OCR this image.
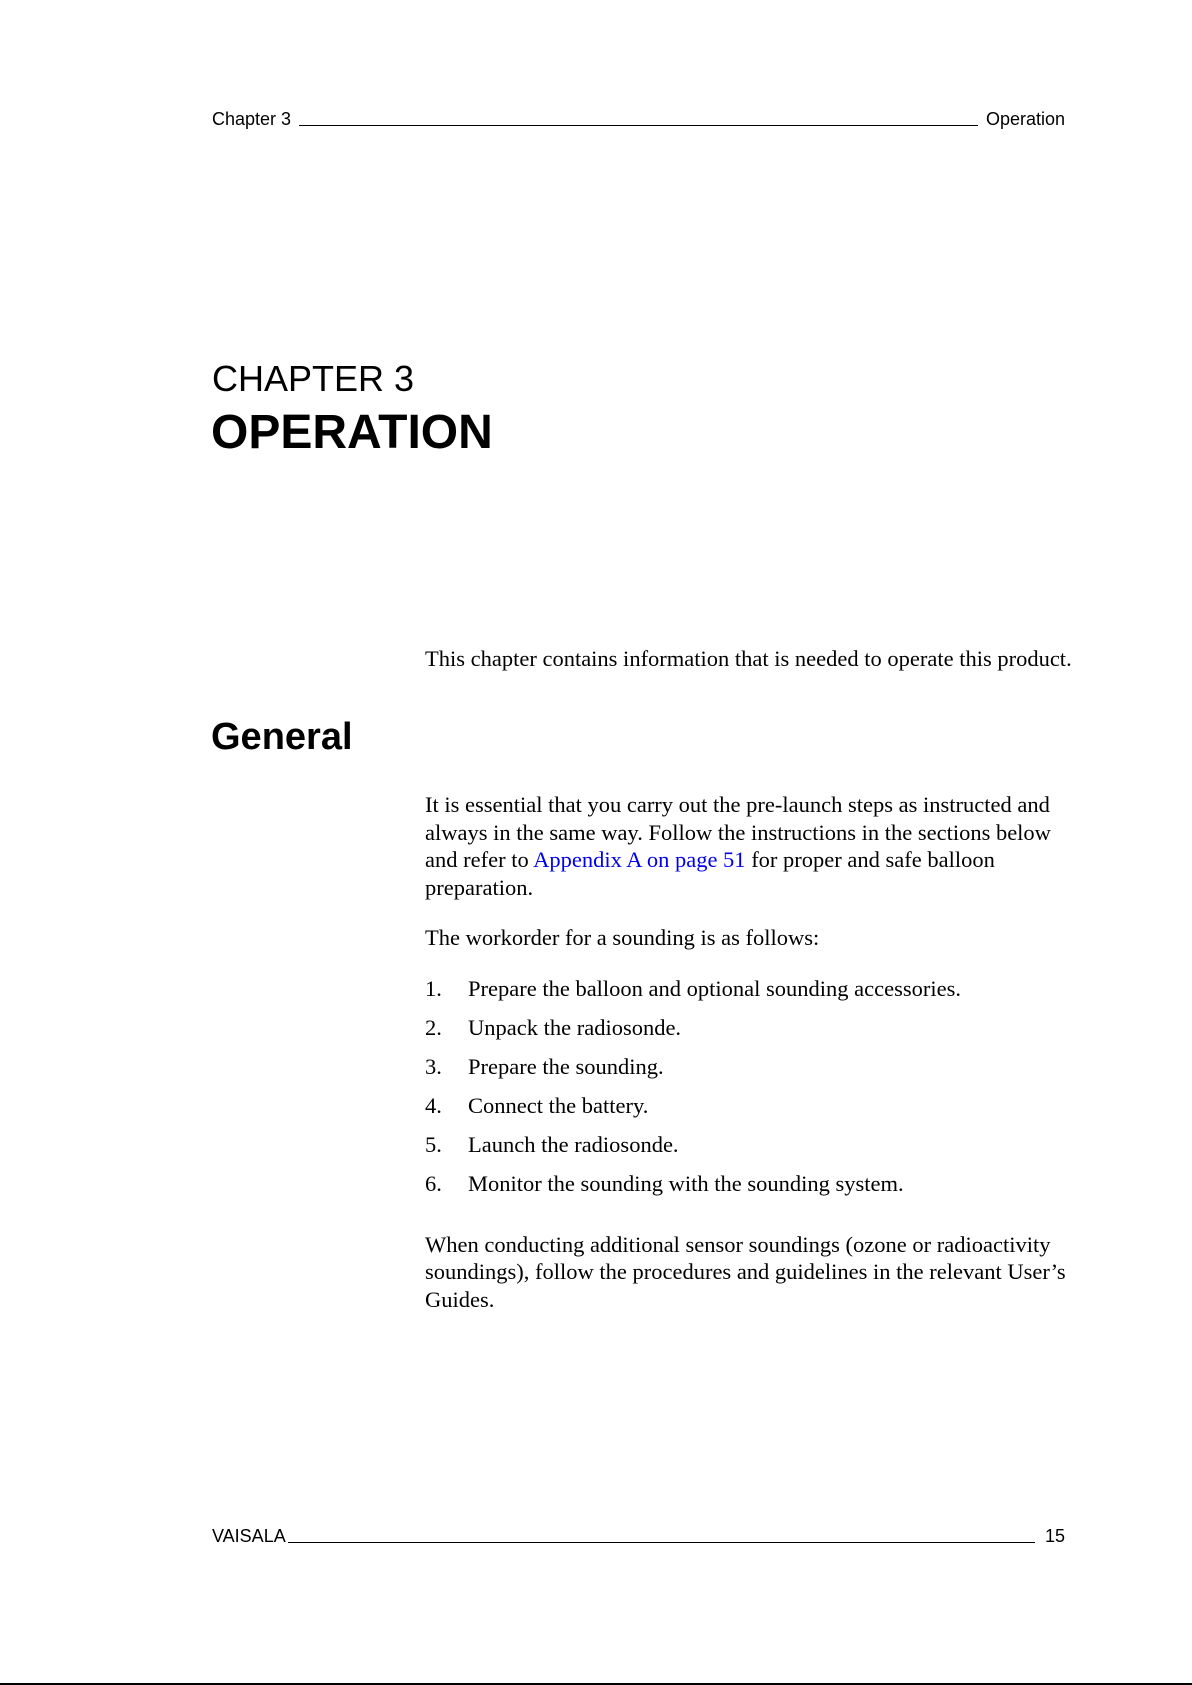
Chapter 3	Operation
CHAPTER 3
OPERATION
This chapter contains information that is needed to operate this product.
General

It is essential that you carry out the pre-launch steps as instructed and always in the same way. Follow the instructions in the sections below and refer to Appendix A on page 51 for proper and safe balloon preparation.

The workorder for a sounding is as follows:

1.	Prepare the balloon and optional sounding accessories.
2.	Unpack the radiosonde.
3.	Prepare the sounding.
4.	Connect the battery.
5.	Launch the radiosonde.
6.	Monitor the sounding with the sounding system.

When conducting additional sensor soundings (ozone or radioactivity soundings), follow the procedures and guidelines in the relevant User’s Guides.

VAISALA	15
